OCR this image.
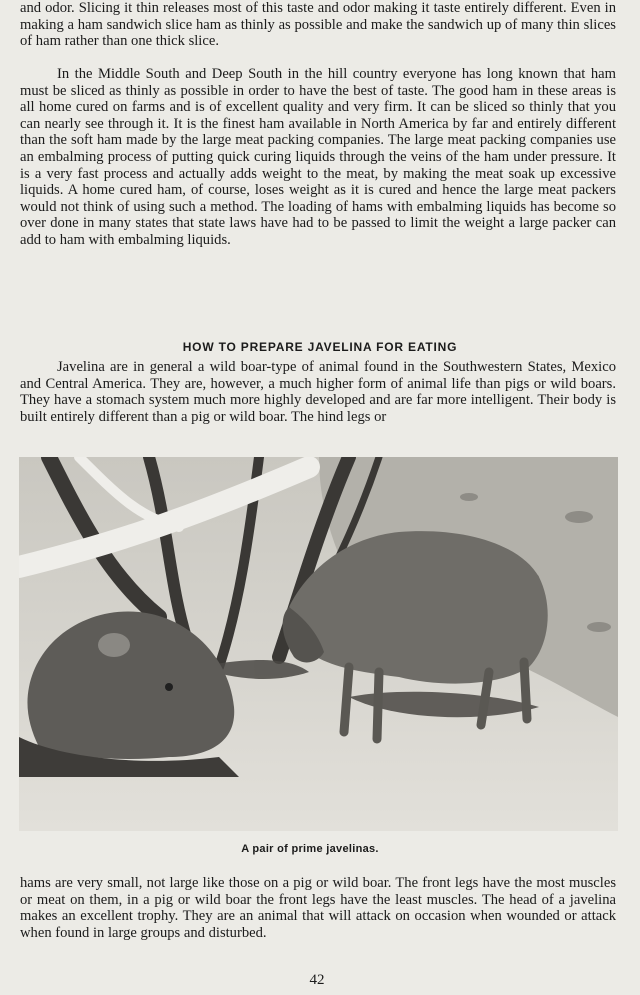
and odor. Slicing it thin releases most of this taste and odor making it taste entirely different. Even in making a ham sandwich slice ham as thinly as possible and make the sandwich up of many thin slices of ham rather than one thick slice.

In the Middle South and Deep South in the hill country everyone has long known that ham must be sliced as thinly as possible in order to have the best of taste. The good ham in these areas is all home cured on farms and is of excellent quality and very firm. It can be sliced so thinly that you can nearly see through it. It is the finest ham available in North America by far and entirely different than the soft ham made by the large meat packing companies. The large meat packing companies use an embalming process of putting quick curing liquids through the veins of the ham under pressure. It is a very fast process and actually adds weight to the meat, by making the meat soak up excessive liquids. A home cured ham, of course, loses weight as it is cured and hence the large meat packers would not think of using such a method. The loading of hams with embalming liquids has become so over done in many states that state laws have had to be passed to limit the weight a large packer can add to ham with embalming liquids.

HOW TO PREPARE JAVELINA FOR EATING

Javelina are in general a wild boar-type of animal found in the Southwestern States, Mexico and Central America. They are, however, a much higher form of animal life than pigs or wild boars. They have a stomach system much more highly developed and are far more intelligent. Their body is built entirely different than a pig or wild boar. The hind legs or

A pair of prime javelinas.

hams are very small, not large like those on a pig or wild boar. The front legs have the most muscles or meat on them, in a pig or wild boar the front legs have the least muscles. The head of a javelina makes an excellent trophy. They are an animal that will attack on occasion when wounded or attack when found in large groups and disturbed.

42
